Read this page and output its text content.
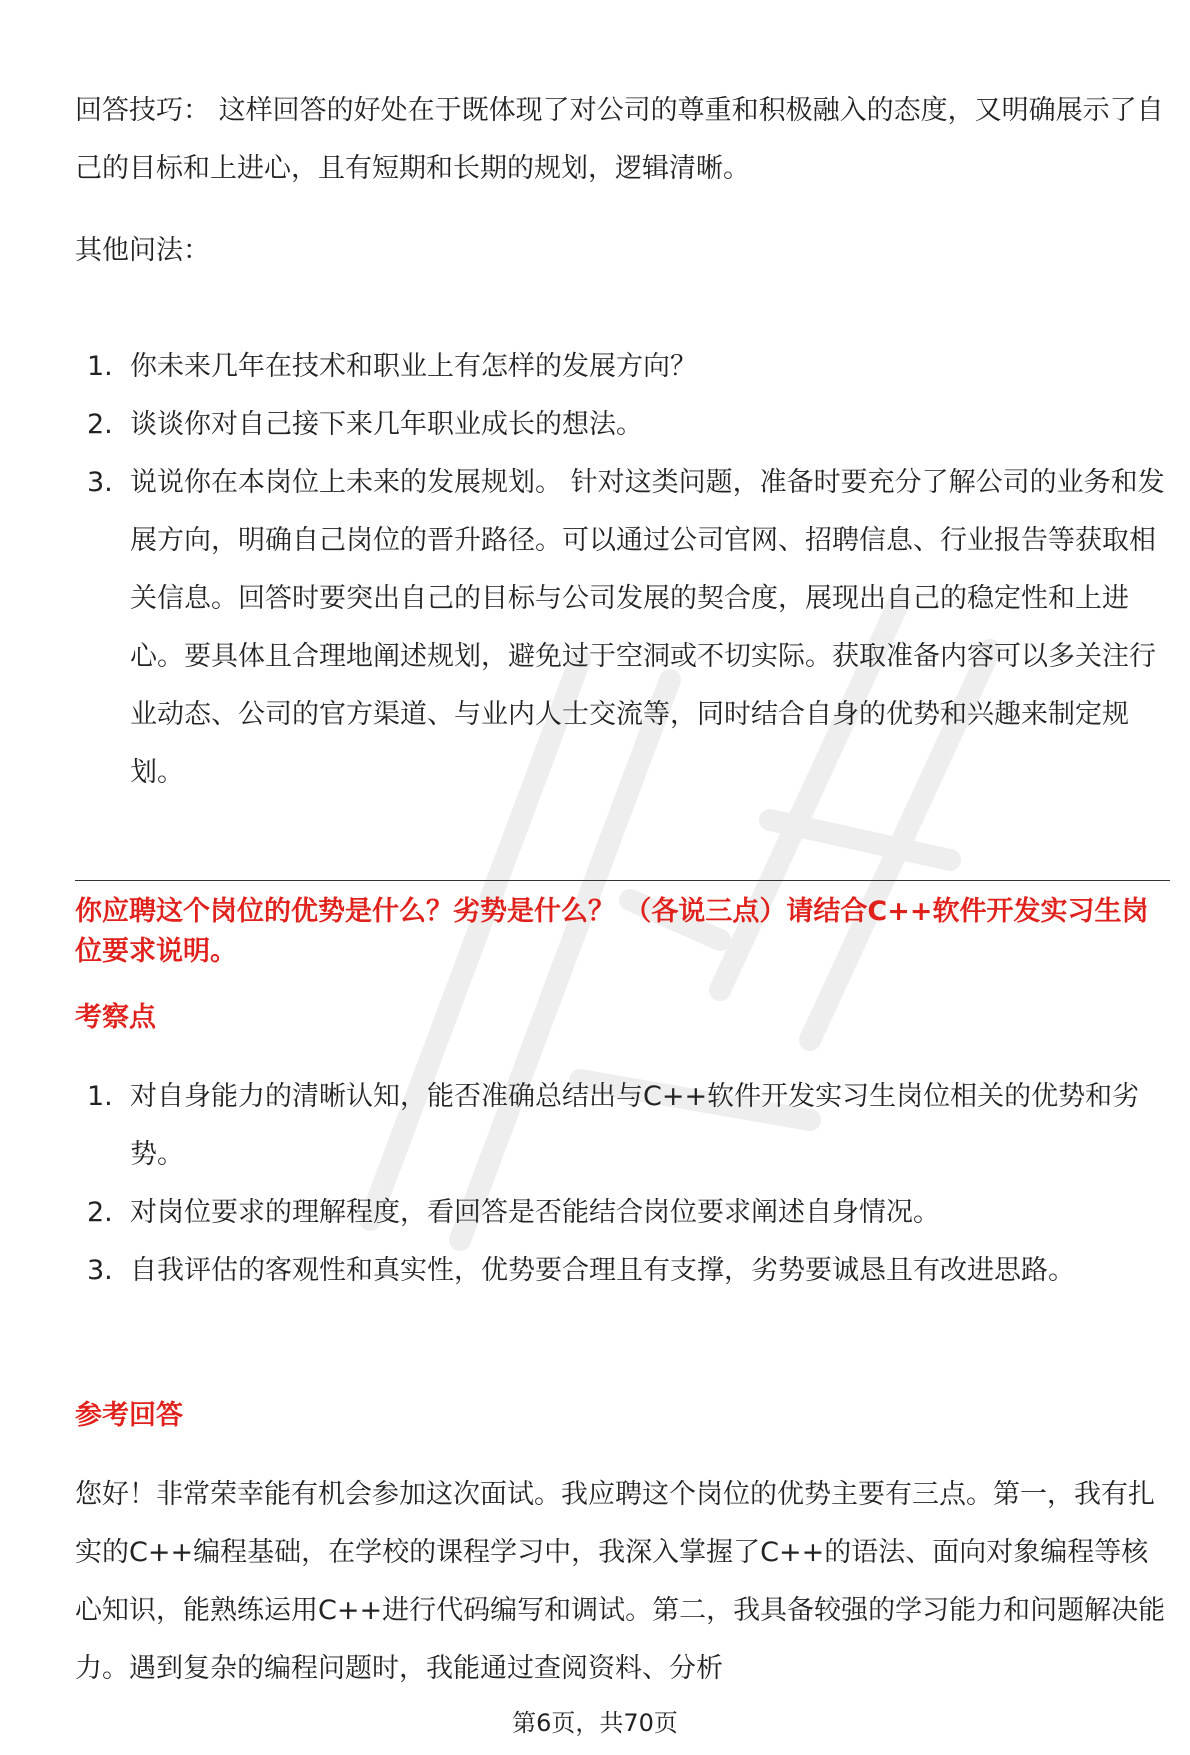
回答技巧： 这样回答的好处在于既体现了对公司的尊重和积极融入的态度，又明确展示了自己的目标和上进心，且有短期和长期的规划，逻辑清晰。

其他问法：

1. 你未来几年在技术和职业上有怎样的发展方向？
2. 谈谈你对自己接下来几年职业成长的想法。
3. 说说你在本岗位上未来的发展规划。 针对这类问题，准备时要充分了解公司的业务和发展方向，明确自己岗位的晋升路径。可以通过公司官网、招聘信息、行业报告等获取相关信息。回答时要突出自己的目标与公司发展的契合度，展现出自己的稳定性和上进心。要具体且合理地阐述规划，避免过于空洞或不切实际。获取准备内容可以多关注行业动态、公司的官方渠道、与业内人士交流等，同时结合自身的优势和兴趣来制定规划。

你应聘这个岗位的优势是什么？劣势是什么？ （各说三点）请结合C++软件开发实习生岗位要求说明。

考察点

1. 对自身能力的清晰认知，能否准确总结出与C++软件开发实习生岗位相关的优势和劣势。
2. 对岗位要求的理解程度，看回答是否能结合岗位要求阐述自身情况。
3. 自我评估的客观性和真实性，优势要合理且有支撑，劣势要诚恳且有改进思路。

参考回答

您好！非常荣幸能有机会参加这次面试。我应聘这个岗位的优势主要有三点。第一，我有扎实的C++编程基础，在学校的课程学习中，我深入掌握了C++的语法、面向对象编程等核心知识，能熟练运用C++进行代码编写和调试。第二，我具备较强的学习能力和问题解决能力。遇到复杂的编程问题时，我能通过查阅资料、分析

第6页，共70页
